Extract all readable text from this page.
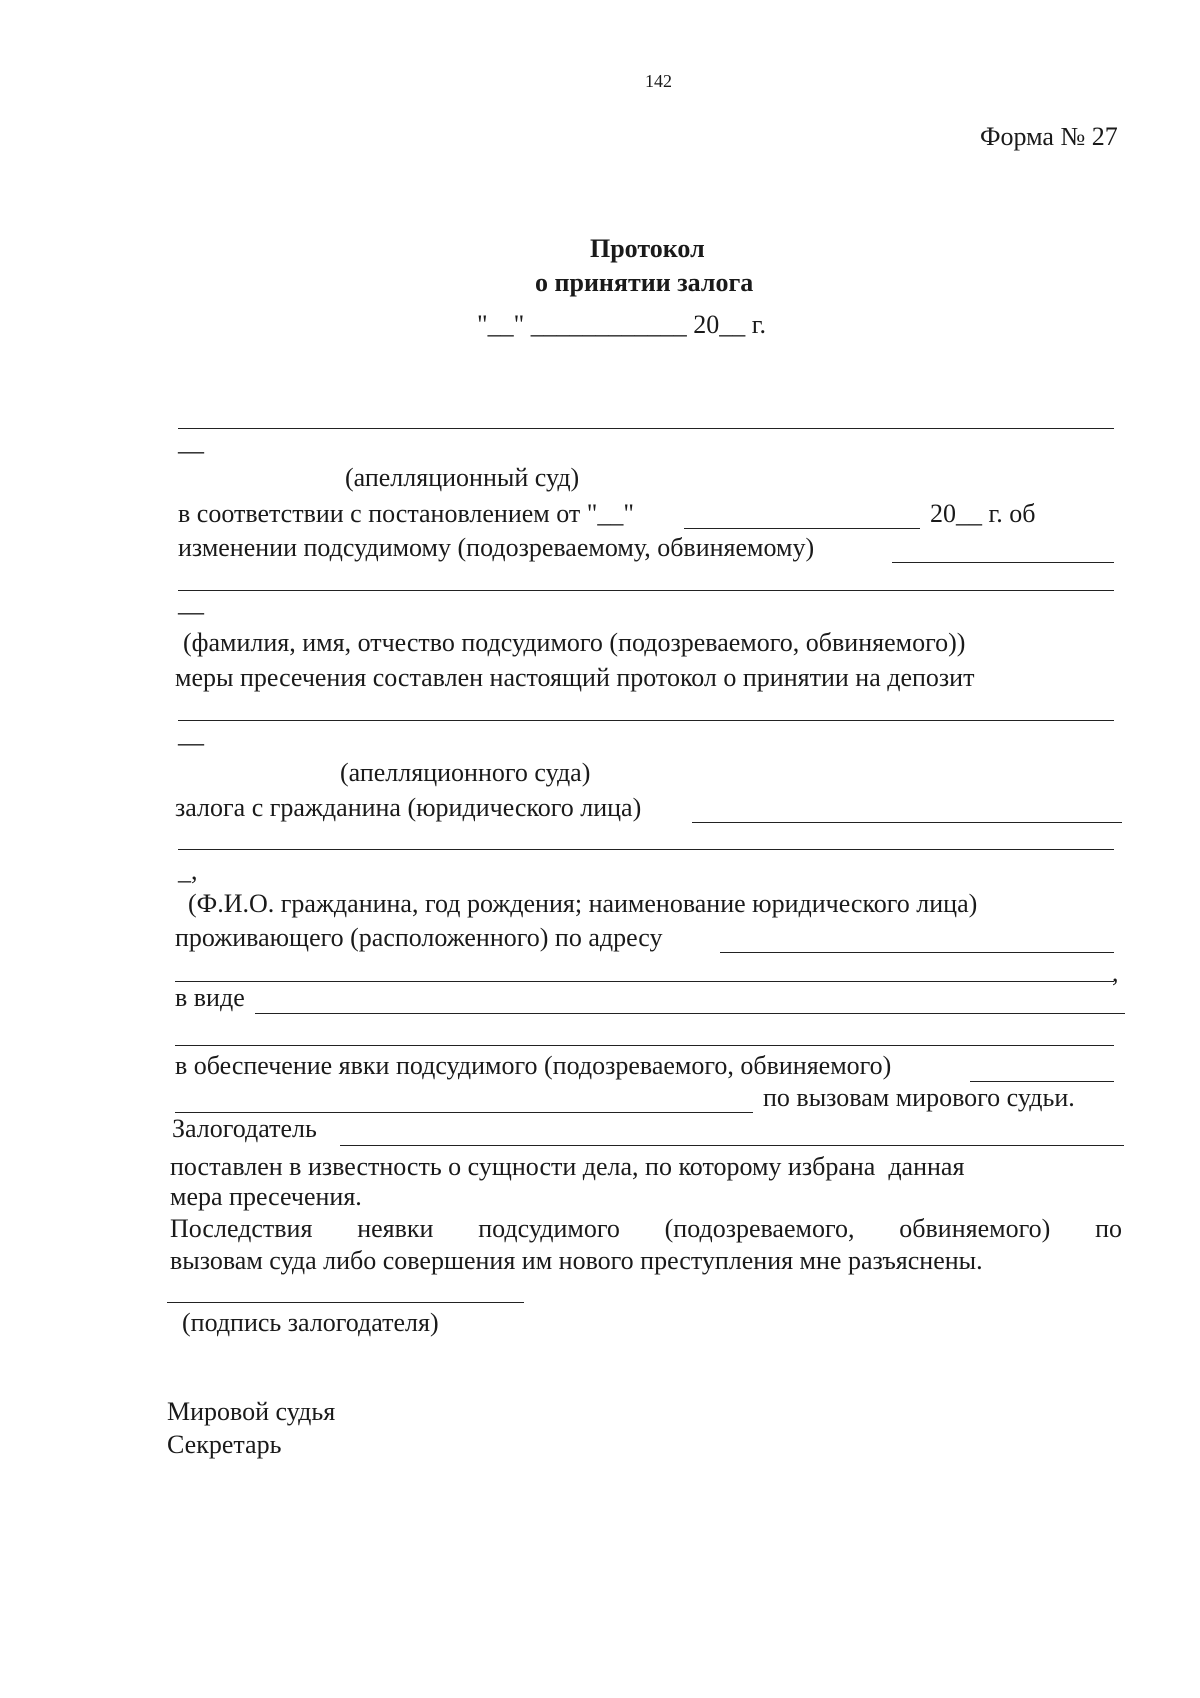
142
Форма № 27
Протокол
о принятии залога
"__" ____________ 20__ г.
—
(апелляционный суд)
в соответствии с постановлением от "__"	20__ г. об
изменении подсудимому (подозреваемому, обвиняемому)
—
(фамилия, имя, отчество подсудимого (подозреваемого, обвиняемого))
меры пресечения составлен настоящий протокол о принятии на депозит
—
(апелляционного суда)
залога с гражданина (юридического лица)
_,
(Ф.И.О. гражданина, год рождения; наименование юридического лица)
проживающего (расположенного) по адресу
,
в виде
в обеспечение явки подсудимого (подозреваемого, обвиняемого)
по вызовам мирового судьи.
Залогодатель
поставлен в известность о сущности дела, по которому избрана  данная
мера пресечения.
Последствия неявки подсудимого (подозреваемого, обвиняемого) по
вызовам суда либо совершения им нового преступления мне разъяснены.
(подпись залогодателя)
Мировой судья
Секретарь
